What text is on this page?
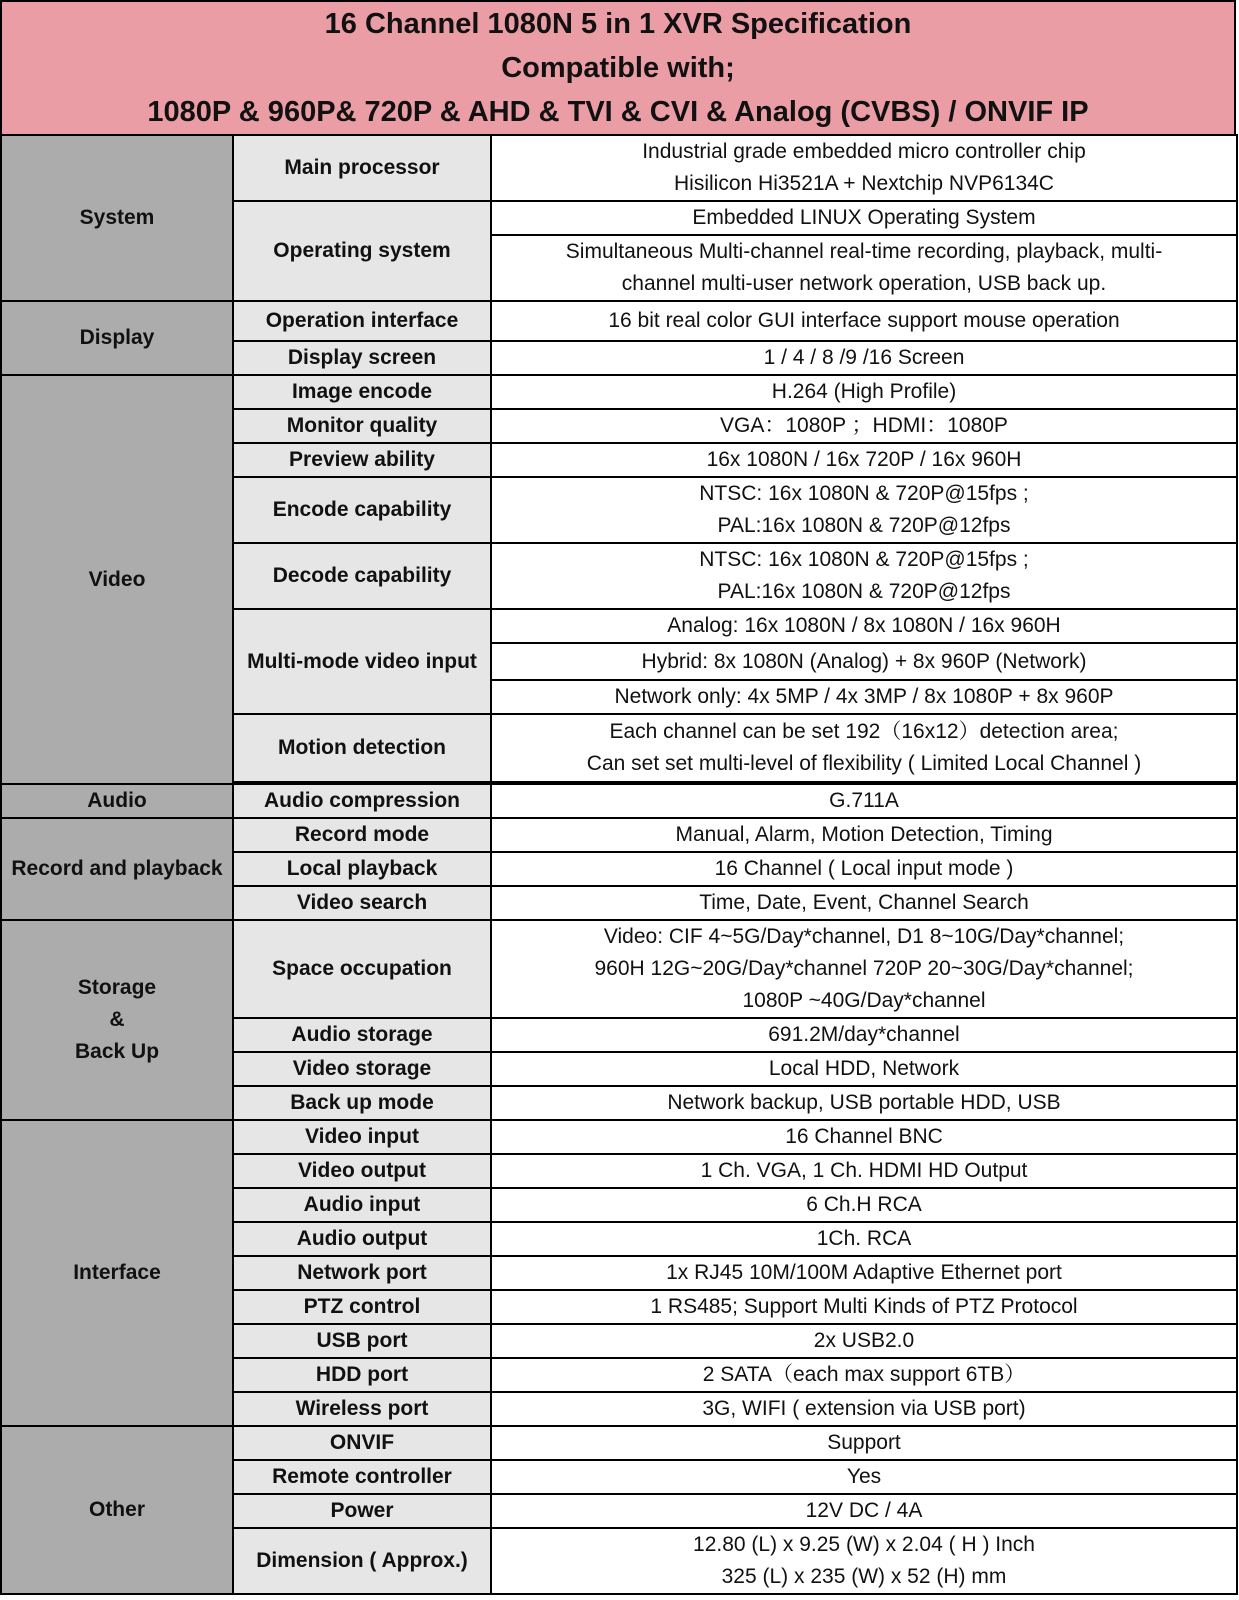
16 Channel 1080N 5 in 1 XVR Specification
Compatible with;
1080P & 960P& 720P & AHD & TVI & CVI & Analog (CVBS) / ONVIF IP
System	Main processor	Industrial grade embedded micro controller chip
Hisilicon Hi3521A + Nextchip NVP6134C

	Operating system	Embedded LINUX Operating System

		Simultaneous Multi-channel real-time recording, playback, multi-
channel multi-user network operation, USB back up.

Display	Operation interface	16 bit real color GUI interface support mouse operation
	Display screen	1 / 4 / 8 /9 /16 Screen
Video	Image encode	H.264 (High Profile)
	Monitor quality	VGA：1080P ；HDMI：1080P
	Preview ability	16x 1080N / 16x 720P / 16x 960H
	Encode capability	NTSC: 16x 1080N & 720P@15fps ;
PAL:16x 1080N & 720P@12fps

	Decode capability	NTSC: 16x 1080N & 720P@15fps ;
PAL:16x 1080N & 720P@12fps

	Multi-mode video input	Analog: 16x 1080N / 8x 1080N / 16x 960H
		Hybrid: 8x 1080N (Analog) + 8x 960P (Network)
		Network only: 4x 5MP / 4x 3MP / 8x 1080P + 8x 960P
	Motion detection	Each channel can be set 192（16x12）detection area;
Can set set multi-level of flexibility ( Limited Local Channel )

Audio	Audio compression	G.711A
Record and playback	Record mode	Manual, Alarm, Motion Detection, Timing
	Local playback	16 Channel ( Local input mode )
	Video search	Time, Date, Event, Channel Search

Storage
&
Back Up	Space occupation	Video: CIF 4~5G/Day*channel, D1 8~10G/Day*channel;
960H 12G~20G/Day*channel 720P 20~30G/Day*channel;
1080P ~40G/Day*channel

	Audio storage	691.2M/day*channel
	Video storage	Local HDD, Network
	Back up mode	Network backup, USB portable HDD, USB
Interface	Video input	16 Channel BNC
	Video output	1 Ch. VGA, 1 Ch. HDMI HD Output
	Audio input	6 Ch.H RCA
	Audio output	1Ch. RCA
	Network port	1x RJ45 10M/100M Adaptive Ethernet port
	PTZ control	1 RS485; Support Multi Kinds of PTZ Protocol
	USB port	2x USB2.0
	HDD port	2 SATA（each max support 6TB）
	Wireless port	3G, WIFI ( extension via USB port)
Other	ONVIF	Support
	Remote controller	Yes
	Power	12V DC / 4A
	Dimension ( Approx.)	12.80 (L) x 9.25 (W) x 2.04 ( H ) Inch
325 (L) x 235 (W) x 52 (H) mm
